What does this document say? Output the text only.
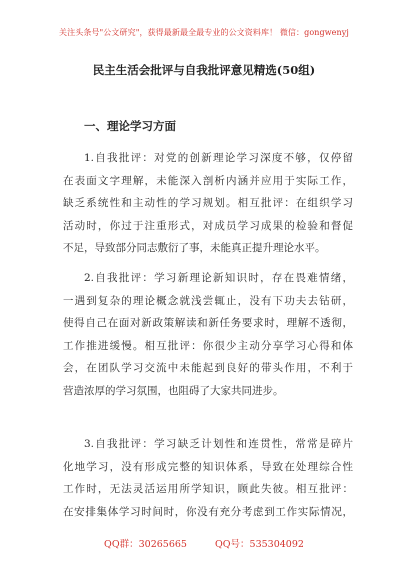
关注头条号"公文研究"，获得最新最全最专业的公文资料库！ 微信：gongwenyj
民主生活会批评与自我批评意见精选(50组)
一、理论学习方面
1.自我批评：对党的创新理论学习深度不够，仅停留
在表面文字理解，未能深入剖析内涵并应用于实际工作，
缺乏系统性和主动性的学习规划。相互批评：在组织学习
活动时，你过于注重形式，对成员学习成果的检验和督促
不足，导致部分同志敷衍了事，未能真正提升理论水平。
2.自我批评：学习新理论新知识时，存在畏难情绪，
一遇到复杂的理论概念就浅尝辄止，没有下功夫去钻研，
使得自己在面对新政策解读和新任务要求时，理解不透彻，
工作推进缓慢。相互批评：你很少主动分享学习心得和体
会，在团队学习交流中未能起到良好的带头作用，不利于
营造浓厚的学习氛围，也阻碍了大家共同进步。
3.自我批评：学习缺乏计划性和连贯性，常常是碎片
化地学习，没有形成完整的知识体系，导致在处理综合性
工作时，无法灵活运用所学知识，顾此失彼。相互批评：
在安排集体学习时间时，你没有充分考虑到工作实际情况，
QQ群：30265665	QQ号：535304092
